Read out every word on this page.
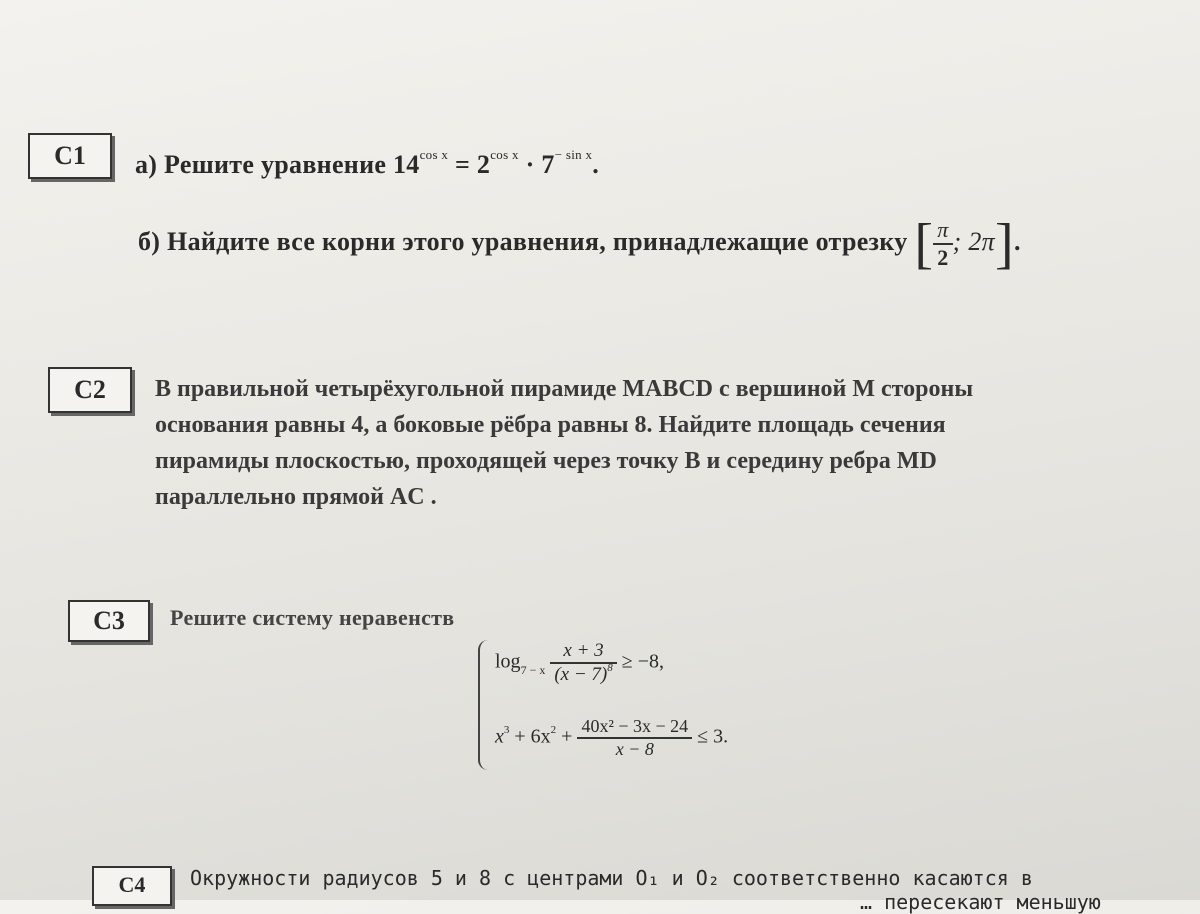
C1	а) Решите уравнение $14^{cos x} = 2^{cos x} \cdot 7^{- sin x}$.
б) Найдите все корни этого уравнения, принадлежащие отрезку [ $\frac{\pi}{2}$ ; 2π].
C2	В правильной четырёхугольной пирамиде MABCD с вершиной M стороны
основания равны 4, а боковые рёбра равны 8. Найдите площадь сечения
пирамиды плоскостью, проходящей через точку B и середину ребра MD
параллельно прямой AC .
C3	Решите систему неравенств
$\log_{7 - x} \frac{x + 3}{(x - 7)^8} \ge -8$,
$x^3 + 6x^2 + \frac{\text{40x² − 3x − 24}}{x - 8} \le 3$.
C4	Окружности радиусов 5 и 8 с центрами O₁ и O₂ соответственно касаются в
… пересекают меньшую
